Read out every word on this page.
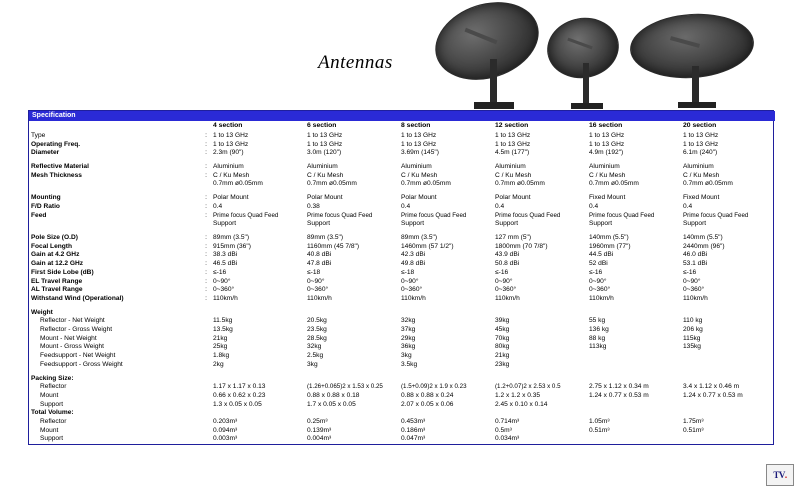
Antennas
Specification							
		4 section	6 section	8 section	12 section	16 section	20 section
Type	:	1 to 13 GHz	1 to 13 GHz	1 to 13 GHz	1 to 13 GHz	1 to 13 GHz	1 to 13 GHz
Operating Freq.	:	1 to 13 GHz	1 to 13 GHz	1 to 13 GHz	1 to 13 GHz	1 to 13 GHz	1 to 13 GHz
Diameter	:	2.3m (90")	3.0m (120")	3.69m (145")	4.5m (177")	4.9m (192")	6.1m (240")

Reflective Material	:	Aluminium	Aluminium	Aluminium	Aluminium	Aluminium	Aluminium
Mesh Thickness	:	C / Ku Mesh	C / Ku Mesh	C / Ku Mesh	C / Ku Mesh	C / Ku Mesh	C / Ku Mesh
		0.7mm ø0.05mm	0.7mm ø0.05mm	0.7mm ø0.05mm	0.7mm ø0.05mm	0.7mm ø0.05mm	0.7mm ø0.05mm

Mounting	:	Polar Mount	Polar Mount	Polar Mount	Polar Mount	Fixed Mount	Fixed Mount
F/D Ratio	:	0.4	0.38	0.4	0.4	0.4	0.4
Feed	:	Prime focus Quad Feed	Prime focus Quad Feed	Prime focus Quad Feed	Prime focus Quad Feed	Prime focus Quad Feed	Prime focus Quad Feed
		Support	Support	Support	Support	Support	Support

Pole Size (O.D)	:	89mm (3.5")	89mm (3.5")	89mm (3.5")	127 mm (5")	140mm (5.5")	140mm (5.5")
Focal Length	:	915mm (36")	1160mm (45 7/8")	1460mm (57 1/2")	1800mm (70 7/8")	1960mm (77")	2440mm (96")
Gain at 4.2 GHz	:	38.3 dBi	40.8 dBi	42.3 dBi	43.9 dBi	44.5 dBi	46.0 dBi
Gain at 12.2 GHz	:	46.5 dBi	47.8 dBi	49.8 dBi	50.8 dBi	52 dBi	53.1 dBi
First Side Lobe (dB)	:	≤-16	≤-18	≤-18	≤-16	≤-16	≤-16
EL Travel Range	:	0~90°	0~90°	0~90°	0~90°	0~90°	0~90°
AL Travel Range	:	0~360°	0~360°	0~360°	0~360°	0~360°	0~360°
Withstand Wind (Operational)	:	110km/h	110km/h	110km/h	110km/h	110km/h	110km/h

Weight							
Reflector - Net Weight		11.5kg	20.5kg	32kg	39kg	55 kg	110 kg
Reflector - Gross Weight		13.5kg	23.5kg	37kg	45kg	136 kg	206 kg
Mount - Net Weight		21kg	28.5kg	29kg	70kg	88 kg	115kg
Mount - Gross Weight		25kg	32kg	36kg	80kg	113kg	135kg
Feedsupport - Net Weight		1.8kg	2.5kg	3kg	21kg		
Feedsupport - Gross Weight		2kg	3kg	3.5kg	23kg		

Packing Size:							
Reflector		1.17 x 1.17 x 0.13	(1.26+0.065)2 x 1.53 x 0.25	(1.5+0.09)2 x 1.9 x 0.23	(1.2+0.07)2 x 2.53 x 0.5	2.75 x 1.12 x 0.34 m	3.4 x 1.12 x 0.46 m
Mount		0.66 x 0.62 x 0.23	0.88 x 0.88 x 0.18	0.88 x 0.88 x 0.24	1.2 x 1.2 x 0.35	1.24 x 0.77 x 0.53 m	1.24 x 0.77 x 0.53 m
Support		1.3 x 0.05 x 0.05	1.7 x 0.05 x 0.05	2.07 x 0.05 x 0.06	2.45 x 0.10 x 0.14		
Total Volume:							
Reflector		0.203m³	0.25m³	0.453m³	0.714m³	1.05m³	1.75m³
Mount		0.094m³	0.139m³	0.186m³	0.5m³	0.51m³	0.51m³
Support		0.003m³	0.004m³	0.047m³	0.034m³		
TV .
